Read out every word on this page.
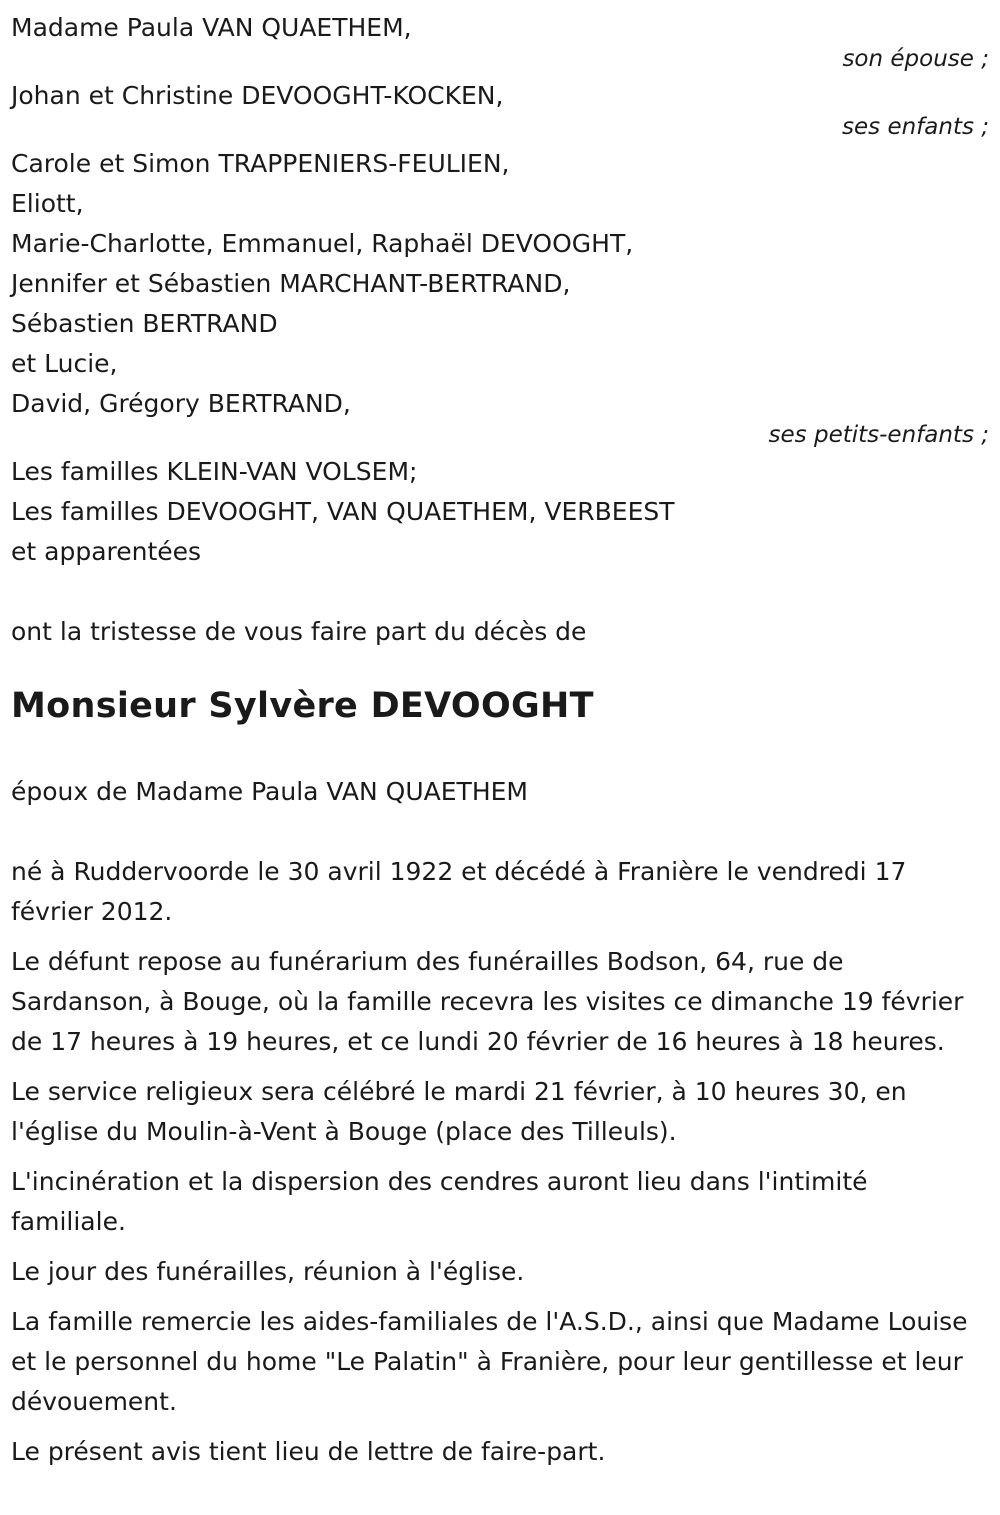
Madame Paula VAN QUAETHEM,
son épouse ;
Johan et Christine DEVOOGHT-KOCKEN,
ses enfants ;
Carole et Simon TRAPPENIERS-FEULIEN,
Eliott,
Marie-Charlotte, Emmanuel, Raphaël DEVOOGHT,
Jennifer et Sébastien MARCHANT-BERTRAND,
Sébastien BERTRAND
et Lucie,
David, Grégory BERTRAND,
ses petits-enfants ;
Les familles KLEIN-VAN VOLSEM;
Les familles DEVOOGHT, VAN QUAETHEM, VERBEEST
et apparentées
ont la tristesse de vous faire part du décès de
Monsieur Sylvère DEVOOGHT
époux de Madame Paula VAN QUAETHEM
né à Ruddervoorde le 30 avril 1922 et décédé à Franière le vendredi 17 février 2012.
Le défunt repose au funérarium des funérailles Bodson, 64, rue de Sardanson, à Bouge, où la famille recevra les visites ce dimanche 19 février de 17 heures à 19 heures, et ce lundi 20 février de 16 heures à 18 heures.
Le service religieux sera célébré le mardi 21 février, à 10 heures 30, en l'église du Moulin-à-Vent à Bouge (place des Tilleuls).
L'incinération et la dispersion des cendres auront lieu dans l'intimité familiale.
Le jour des funérailles, réunion à l'église.
La famille remercie les aides-familiales de l'A.S.D., ainsi que Madame Louise et le personnel du home "Le Palatin" à Franière, pour leur gentillesse et leur dévouement.
Le présent avis tient lieu de lettre de faire-part.
